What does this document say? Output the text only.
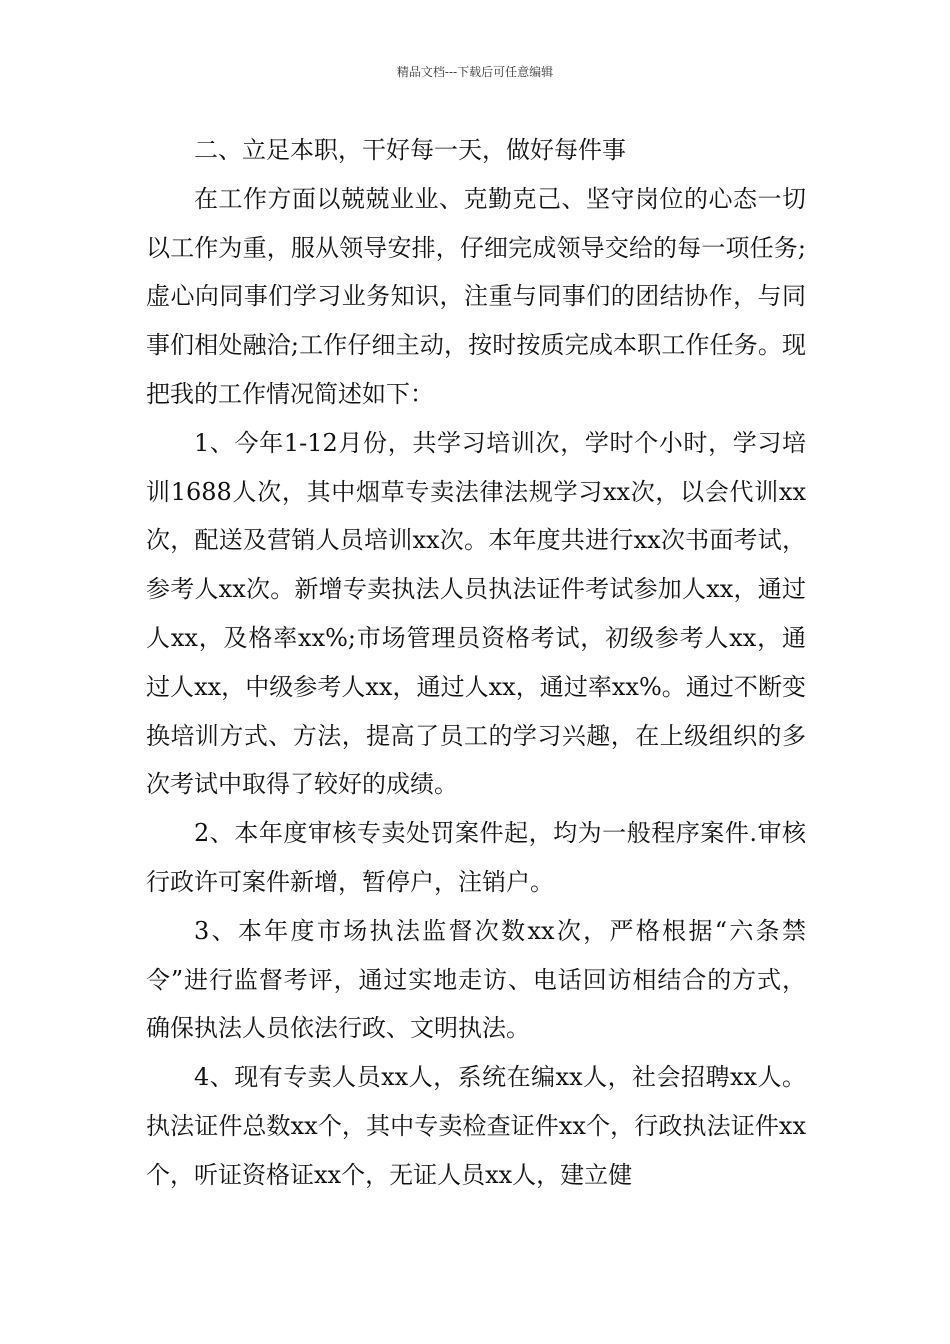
精品文档---下载后可任意编辑

二、立足本职，干好每一天，做好每件事

在工作方面以兢兢业业、克勤克己、坚守岗位的心态一切以工作为重，服从领导安排，仔细完成领导交给的每一项任务;虚心向同事们学习业务知识，注重与同事们的团结协作，与同事们相处融洽;工作仔细主动，按时按质完成本职工作任务。现把我的工作情况简述如下：

1、今年1-12月份，共学习培训次，学时个小时，学习培训1688人次，其中烟草专卖法律法规学习xx次，以会代训xx次，配送及营销人员培训xx次。本年度共进行xx次书面考试，参考人xx次。新增专卖执法人员执法证件考试参加人xx，通过人xx，及格率xx%;市场管理员资格考试，初级参考人xx，通过人xx，中级参考人xx，通过人xx，通过率xx%。通过不断变换培训方式、方法，提高了员工的学习兴趣，在上级组织的多次考试中取得了较好的成绩。

2、本年度审核专卖处罚案件起，均为一般程序案件.审核行政许可案件新增，暂停户，注销户。

3、本年度市场执法监督次数xx次，严格根据“六条禁令”进行监督考评，通过实地走访、电话回访相结合的方式，确保执法人员依法行政、文明执法。

4、现有专卖人员xx人，系统在编xx人，社会招聘xx人。执法证件总数xx个，其中专卖检查证件xx个，行政执法证件xx个，听证资格证xx个，无证人员xx人，建立健
